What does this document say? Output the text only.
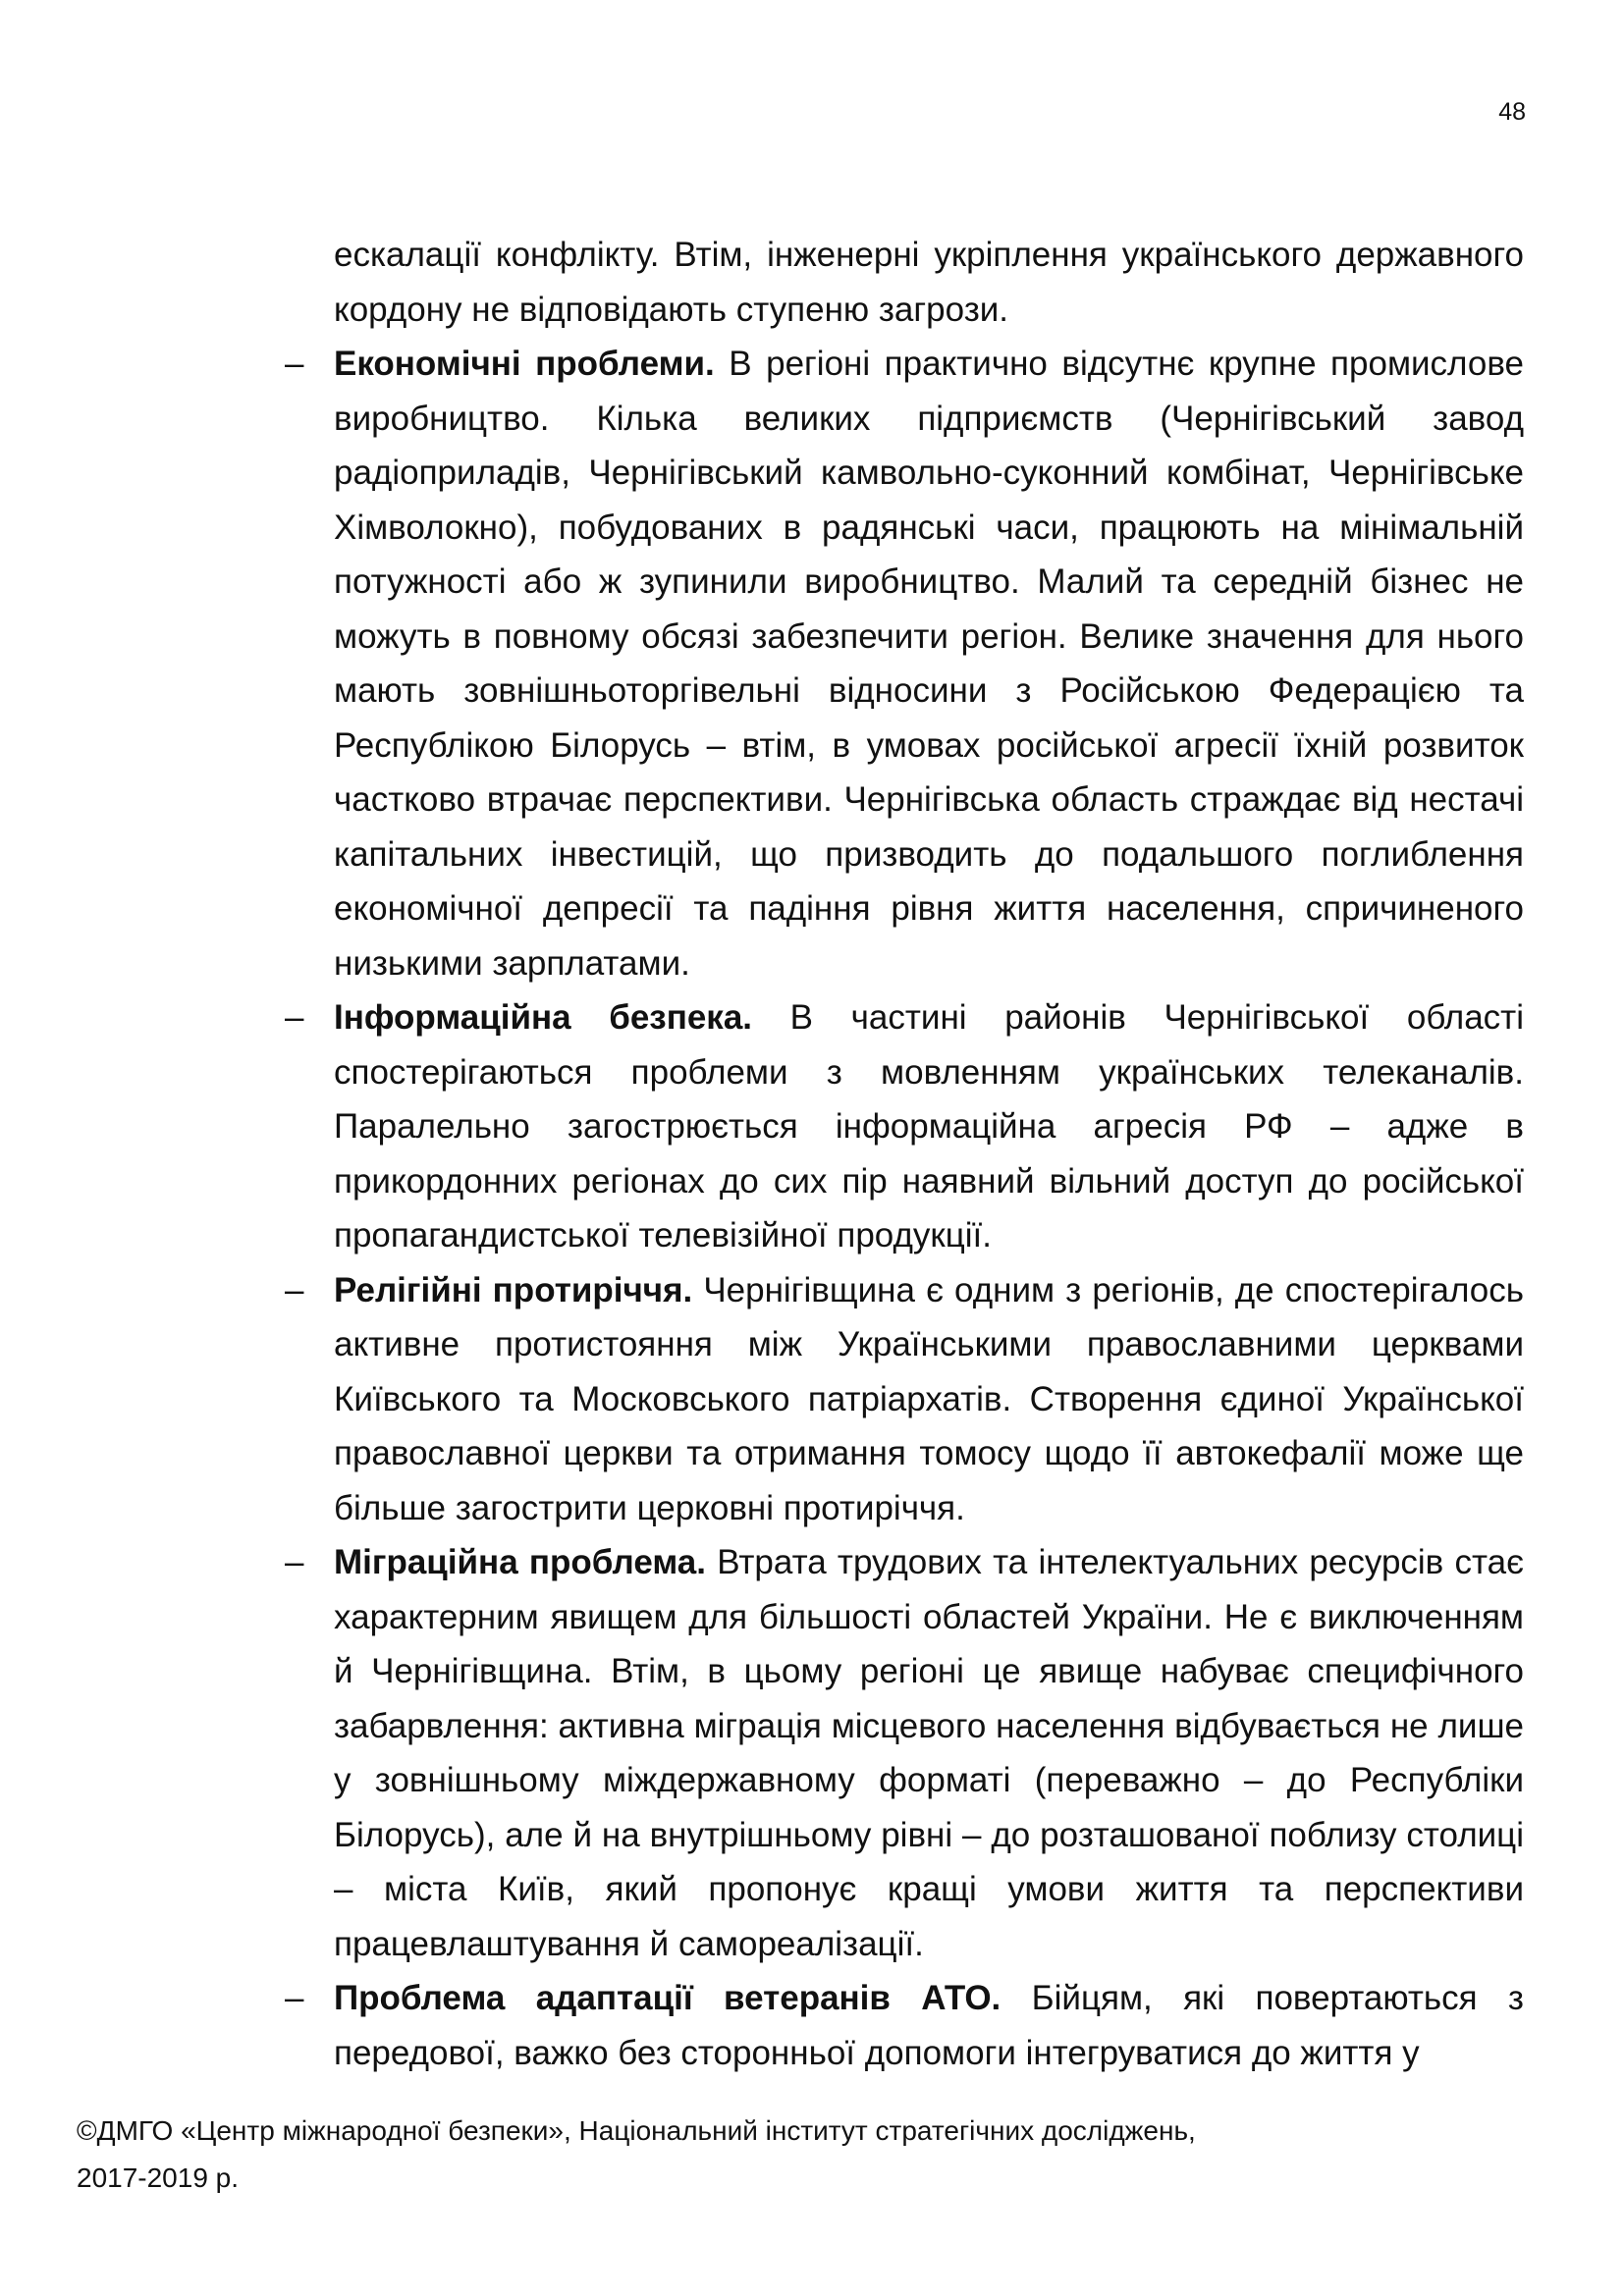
48

ескалації конфлікту. Втім, інженерні укріплення українського державного кордону не відповідають ступеню загрози.

– Економічні проблеми. В регіоні практично відсутнє крупне промислове виробництво. Кілька великих підприємств (Чернігівський завод радіоприладів, Чернігівський камвольно-суконний комбінат, Чернігівське Хімволокно), побудованих в радянські часи, працюють на мінімальній потужності або ж зупинили виробництво. Малий та середній бізнес не можуть в повному обсязі забезпечити регіон. Велике значення для нього мають зовнішньоторгівельні відносини з Російською Федерацією та Республікою Білорусь – втім, в умовах російської агресії їхній розвиток частково втрачає перспективи. Чернігівська область страждає від нестачі капітальних інвестицій, що призводить до подальшого поглиблення економічної депресії та падіння рівня життя населення, спричиненого низькими зарплатами.
– Інформаційна безпека. В частині районів Чернігівської області спостерігаються проблеми з мовленням українських телеканалів. Паралельно загострюється інформаційна агресія РФ – адже в прикордонних регіонах до сих пір наявний вільний доступ до російської пропагандистської телевізійної продукції.
– Релігійні протиріччя. Чернігівщина є одним з регіонів, де спостерігалось активне протистояння між Українськими православними церквами Київського та Московського патріархатів. Створення єдиної Української православної церкви та отримання томосу щодо її автокефалії може ще більше загострити церковні протиріччя.
– Міграційна проблема. Втрата трудових та інтелектуальних ресурсів стає характерним явищем для більшості областей України. Не є виключенням й Чернігівщина. Втім, в цьому регіоні це явище набуває специфічного забарвлення: активна міграція місцевого населення відбувається не лише у зовнішньому міждержавному форматі (переважно – до Республіки Білорусь), але й на внутрішньому рівні – до розташованої поблизу столиці – міста Київ, який пропонує кращі умови життя та перспективи працевлаштування й самореалізації.
– Проблема адаптації ветеранів АТО. Бійцям, які повертаються з передової, важко без сторонньої допомоги інтегруватися до життя у
©ДМГО «Центр міжнародної безпеки», Національний інститут стратегічних досліджень,
2017-2019 р.
